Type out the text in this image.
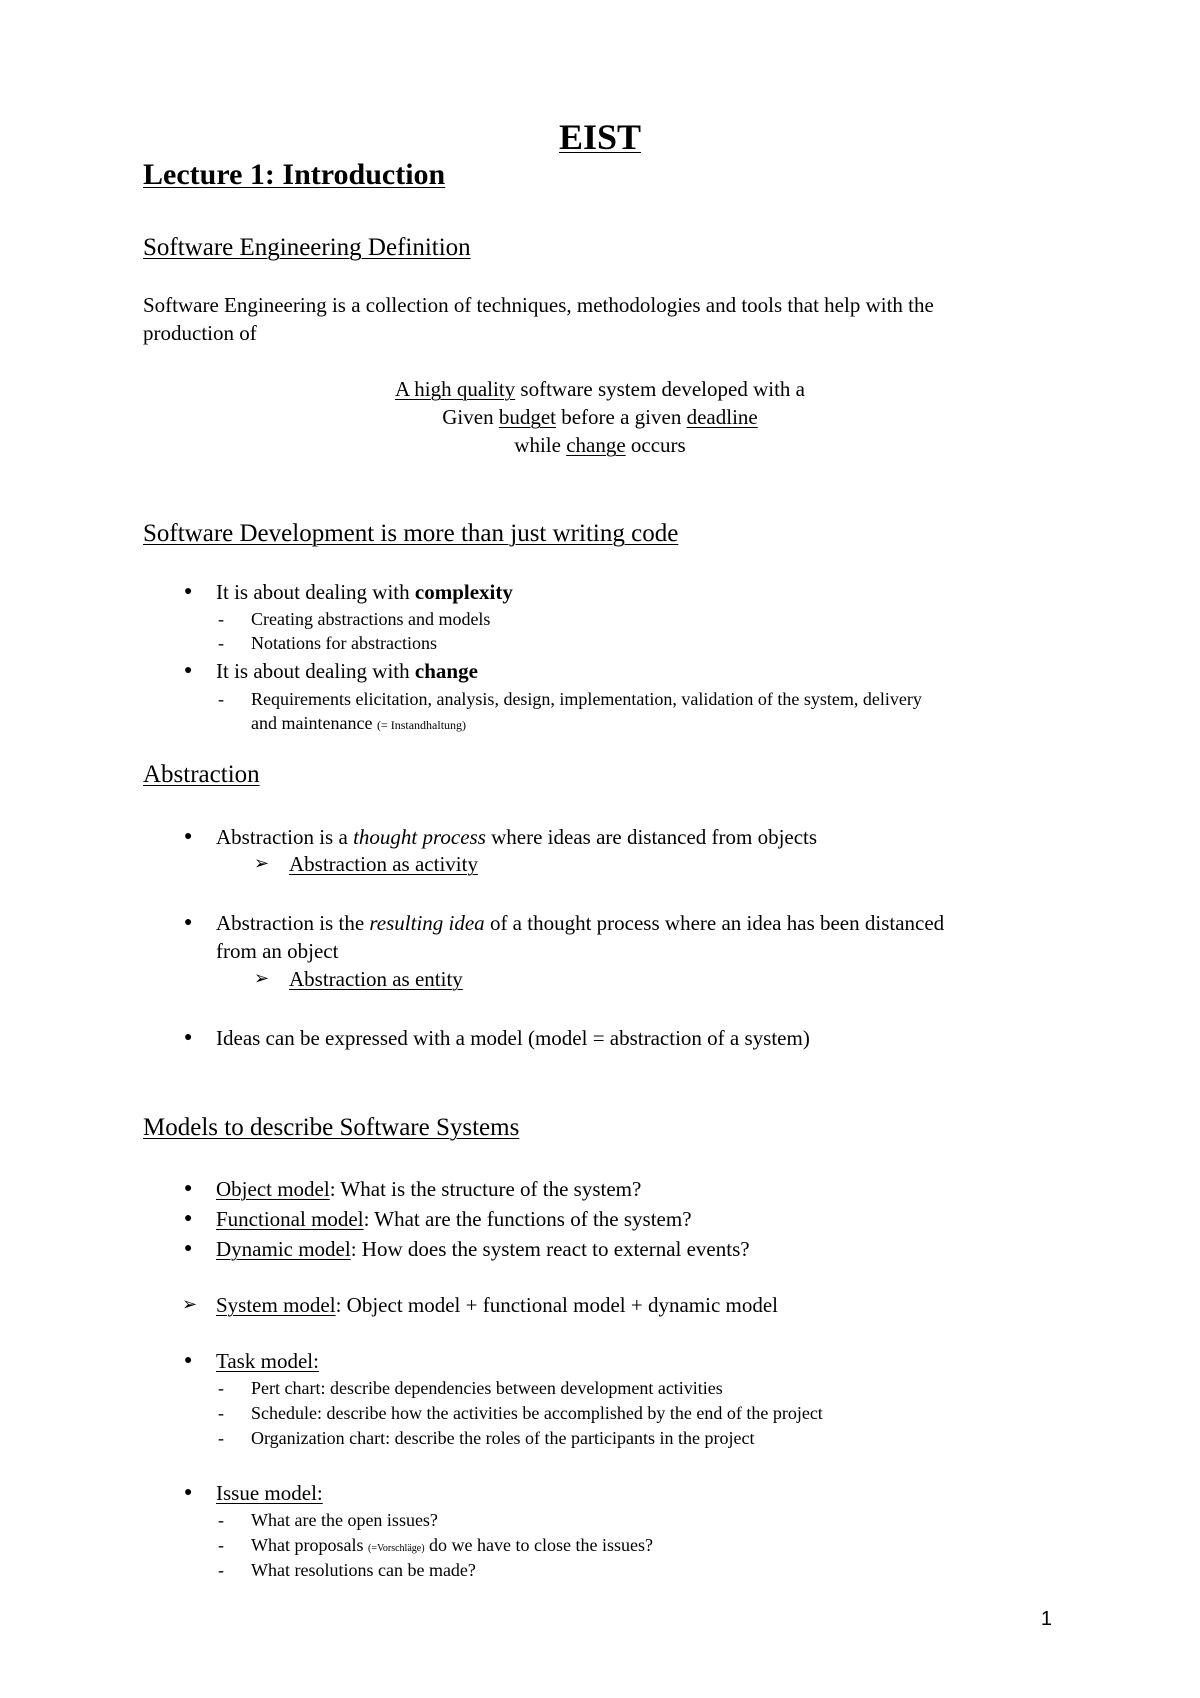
EIST
Lecture 1: Introduction
Software Engineering Definition
Software Engineering is a collection of techniques, methodologies and tools that help with the
production of
A high quality software system developed with a
Given budget before a given deadline
while change occurs
Software Development is more than just writing code
● It is about dealing with complexity
- Creating abstractions and models
- Notations for abstractions
● It is about dealing with change
- Requirements elicitation, analysis, design, implementation, validation of the system, delivery
and maintenance (= Instandhaltung)
Abstraction
● Abstraction is a thought process where ideas are distanced from objects
➢ Abstraction as activity
● Abstraction is the resulting idea of a thought process where an idea has been distanced
from an object
➢ Abstraction as entity
● Ideas can be expressed with a model (model = abstraction of a system)
Models to describe Software Systems
● Object model: What is the structure of the system?
● Functional model: What are the functions of the system?
● Dynamic model: How does the system react to external events?
➢ System model: Object model + functional model + dynamic model
● Task model:
- Pert chart: describe dependencies between development activities
- Schedule: describe how the activities be accomplished by the end of the project
- Organization chart: describe the roles of the participants in the project
● Issue model:
- What are the open issues?
- What proposals (=Vorschläge) do we have to close the issues?
- What resolutions can be made?
1
